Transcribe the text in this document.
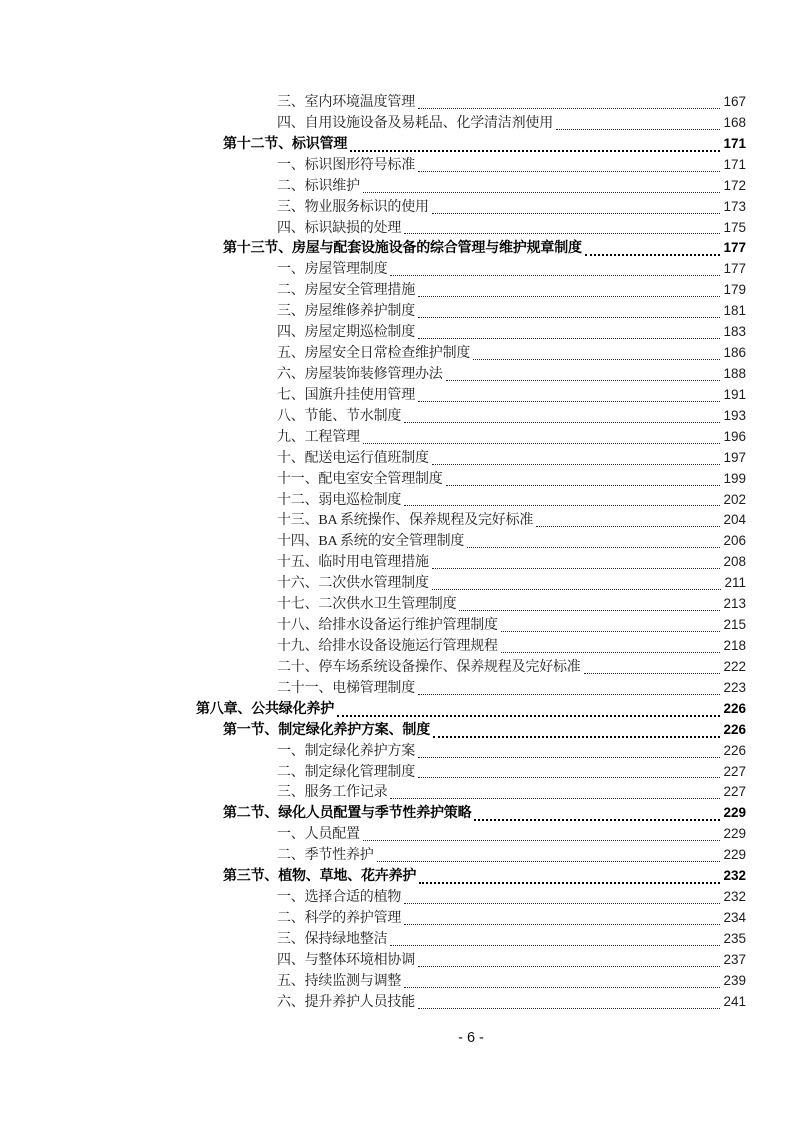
三、室内环境温度管理	167
四、自用设施设备及易耗品、化学清洁剂使用	168
第十二节、标识管理	171
一、标识图形符号标准	171
二、标识维护	172
三、物业服务标识的使用	173
四、标识缺损的处理	175
第十三节、房屋与配套设施设备的综合管理与维护规章制度	177
一、房屋管理制度	177
二、房屋安全管理措施	179
三、房屋维修养护制度	181
四、房屋定期巡检制度	183
五、房屋安全日常检查维护制度	186
六、房屋装饰装修管理办法	188
七、国旗升挂使用管理	191
八、节能、节水制度	193
九、工程管理	196
十、配送电运行值班制度	197
十一、配电室安全管理制度	199
十二、弱电巡检制度	202
十三、BA 系统操作、保养规程及完好标准	204
十四、BA 系统的安全管理制度	206
十五、临时用电管理措施	208
十六、二次供水管理制度	211
十七、二次供水卫生管理制度	213
十八、给排水设备运行维护管理制度	215
十九、给排水设备设施运行管理规程	218
二十、停车场系统设备操作、保养规程及完好标准	222
二十一、电梯管理制度	223
第八章、公共绿化养护	226
第一节、制定绿化养护方案、制度	226
一、制定绿化养护方案	226
二、制定绿化管理制度	227
三、服务工作记录	227
第二节、绿化人员配置与季节性养护策略	229
一、人员配置	229
二、季节性养护	229
第三节、植物、草地、花卉养护	232
一、选择合适的植物	232
二、科学的养护管理	234
三、保持绿地整洁	235
四、与整体环境相协调	237
五、持续监测与调整	239
六、提升养护人员技能	241
- 6 -
